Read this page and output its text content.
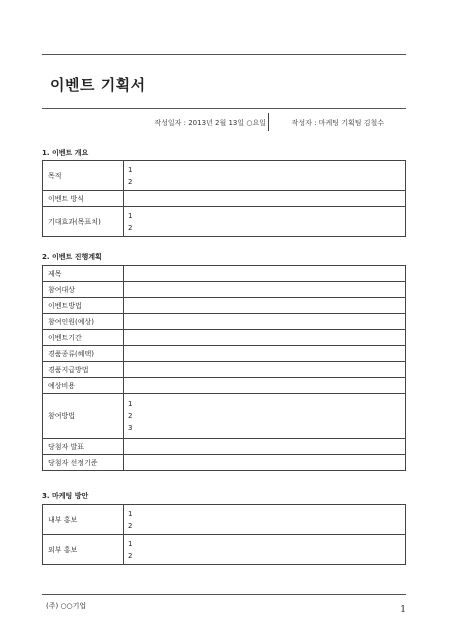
이벤트 기획서
작성일자 : 2013년 2월 13일 ○요일	작성자 : 마케팅 기획팀 김철수
1. 이벤트 개요
목적	1
2

이벤트 방식	
기대효과(목표치)	1
2
2. 이벤트 진행계획
제목	
참여대상	
이벤트방법	
참여인원(예상)	
이벤트기간	
경품종류(혜택)	
경품지급방법	
예상비용	
참여방법	1
2
3

당첨자 발표	
당첨자 선정기준	
3. 마케팅 방안
내부 홍보	1
2

외부 홍보	1
2
(주) ○○기업	1
